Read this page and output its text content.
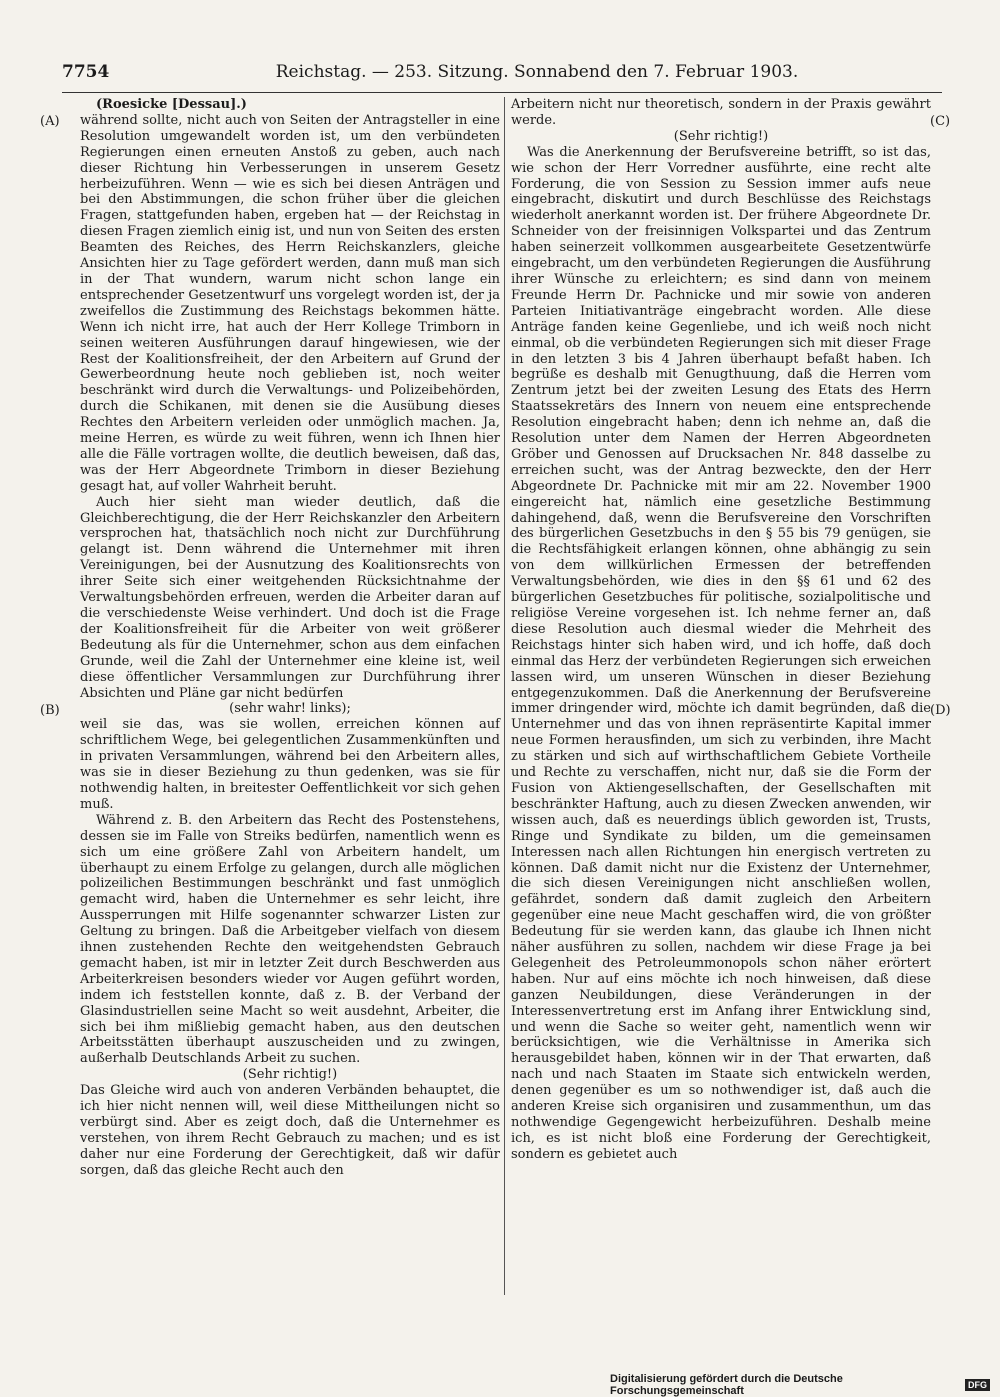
7754	Reichstag. — 253. Sitzung. Sonnabend den 7. Februar 1903.
(A)
(B)
(C)
(D)

(Roesicke [Dessau].)

während sollte, nicht auch von Seiten der Antragsteller in eine Resolution umgewandelt worden ist, um den verbündeten Regierungen einen erneuten Anstoß zu geben, auch nach dieser Richtung hin Verbesserungen in unserem Gesetz herbeizuführen. Wenn — wie es sich bei diesen Anträgen und bei den Abstimmungen, die schon früher über die gleichen Fragen, stattgefunden haben, ergeben hat — der Reichstag in diesen Fragen ziemlich einig ist, und nun von Seiten des ersten Beamten des Reiches, des Herrn Reichskanzlers, gleiche Ansichten hier zu Tage gefördert werden, dann muß man sich in der That wundern, warum nicht schon lange ein entsprechender Gesetzentwurf uns vorgelegt worden ist, der ja zweifellos die Zustimmung des Reichstags bekommen hätte. Wenn ich nicht irre, hat auch der Herr Kollege Trimborn in seinen weiteren Ausführungen darauf hingewiesen, wie der Rest der Koalitionsfreiheit, der den Arbeitern auf Grund der Gewerbeordnung heute noch geblieben ist, noch weiter beschränkt wird durch die Verwaltungs- und Polizeibehörden, durch die Schikanen, mit denen sie die Ausübung dieses Rechtes den Arbeitern verleiden oder unmöglich machen. Ja, meine Herren, es würde zu weit führen, wenn ich Ihnen hier alle die Fälle vortragen wollte, die deutlich beweisen, daß das, was der Herr Abgeordnete Trimborn in dieser Beziehung gesagt hat, auf voller Wahrheit beruht.

Auch hier sieht man wieder deutlich, daß die Gleichberechtigung, die der Herr Reichskanzler den Arbeitern versprochen hat, thatsächlich noch nicht zur Durchführung gelangt ist. Denn während die Unternehmer mit ihren Vereinigungen, bei der Ausnutzung des Koalitionsrechts von ihrer Seite sich einer weitgehenden Rücksichtnahme der Verwaltungsbehörden erfreuen, werden die Arbeiter daran auf die verschiedenste Weise verhindert. Und doch ist die Frage der Koalitionsfreiheit für die Arbeiter von weit größerer Bedeutung als für die Unternehmer, schon aus dem einfachen Grunde, weil die Zahl der Unternehmer eine kleine ist, weil diese öffentlicher Versammlungen zur Durchführung ihrer Absichten und Pläne gar nicht bedürfen

(sehr wahr! links);

weil sie das, was sie wollen, erreichen können auf schriftlichem Wege, bei gelegentlichen Zusammenkünften und in privaten Versammlungen, während bei den Arbeitern alles, was sie in dieser Beziehung zu thun gedenken, was sie für nothwendig halten, in breitester Oeffentlichkeit vor sich gehen muß.

Während z. B. den Arbeitern das Recht des Postenstehens, dessen sie im Falle von Streiks bedürfen, namentlich wenn es sich um eine größere Zahl von Arbeitern handelt, um überhaupt zu einem Erfolge zu gelangen, durch alle möglichen polizeilichen Bestimmungen beschränkt und fast unmöglich gemacht wird, haben die Unternehmer es sehr leicht, ihre Aussperrungen mit Hilfe sogenannter schwarzer Listen zur Geltung zu bringen. Daß die Arbeitgeber vielfach von diesem ihnen zustehenden Rechte den weitgehendsten Gebrauch gemacht haben, ist mir in letzter Zeit durch Beschwerden aus Arbeiterkreisen besonders wieder vor Augen geführt worden, indem ich feststellen konnte, daß z. B. der Verband der Glasindustriellen seine Macht so weit ausdehnt, Arbeiter, die sich bei ihm mißliebig gemacht haben, aus den deutschen Arbeitsstätten überhaupt auszuscheiden und zu zwingen, außerhalb Deutschlands Arbeit zu suchen.

(Sehr richtig!)

Das Gleiche wird auch von anderen Verbänden behauptet, die ich hier nicht nennen will, weil diese Mittheilungen nicht so verbürgt sind. Aber es zeigt doch, daß die Unternehmer es verstehen, von ihrem Recht Gebrauch zu machen; und es ist daher nur eine Forderung der Gerechtigkeit, daß wir dafür sorgen, daß das gleiche Recht auch den

Arbeitern nicht nur theoretisch, sondern in der Praxis gewährt werde.

(Sehr richtig!)

Was die Anerkennung der Berufsvereine betrifft, so ist das, wie schon der Herr Vorredner ausführte, eine recht alte Forderung, die von Session zu Session immer aufs neue eingebracht, diskutirt und durch Beschlüsse des Reichstags wiederholt anerkannt worden ist. Der frühere Abgeordnete Dr. Schneider von der freisinnigen Volkspartei und das Zentrum haben seinerzeit vollkommen ausgearbeitete Gesetzentwürfe eingebracht, um den verbündeten Regierungen die Ausführung ihrer Wünsche zu erleichtern; es sind dann von meinem Freunde Herrn Dr. Pachnicke und mir sowie von anderen Parteien Initiativanträge eingebracht worden. Alle diese Anträge fanden keine Gegenliebe, und ich weiß noch nicht einmal, ob die verbündeten Regierungen sich mit dieser Frage in den letzten 3 bis 4 Jahren überhaupt befaßt haben. Ich begrüße es deshalb mit Genugthuung, daß die Herren vom Zentrum jetzt bei der zweiten Lesung des Etats des Herrn Staatssekretärs des Innern von neuem eine entsprechende Resolution eingebracht haben; denn ich nehme an, daß die Resolution unter dem Namen der Herren Abgeordneten Gröber und Genossen auf Drucksachen Nr. 848 dasselbe zu erreichen sucht, was der Antrag bezweckte, den der Herr Abgeordnete Dr. Pachnicke mit mir am 22. November 1900 eingereicht hat, nämlich eine gesetzliche Bestimmung dahingehend, daß, wenn die Berufsvereine den Vorschriften des bürgerlichen Gesetzbuchs in den § 55 bis 79 genügen, sie die Rechtsfähigkeit erlangen können, ohne abhängig zu sein von dem willkürlichen Ermessen der betreffenden Verwaltungsbehörden, wie dies in den §§ 61 und 62 des bürgerlichen Gesetzbuches für politische, sozialpolitische und religiöse Vereine vorgesehen ist. Ich nehme ferner an, daß diese Resolution auch diesmal wieder die Mehrheit des Reichstags hinter sich haben wird, und ich hoffe, daß doch einmal das Herz der verbündeten Regierungen sich erweichen lassen wird, um unseren Wünschen in dieser Beziehung entgegenzukommen. Daß die Anerkennung der Berufsvereine immer dringender wird, möchte ich damit begründen, daß die Unternehmer und das von ihnen repräsentirte Kapital immer neue Formen herausfinden, um sich zu verbinden, ihre Macht zu stärken und sich auf wirthschaftlichem Gebiete Vortheile und Rechte zu verschaffen, nicht nur, daß sie die Form der Fusion von Aktiengesellschaften, der Gesellschaften mit beschränkter Haftung, auch zu diesen Zwecken anwenden, wir wissen auch, daß es neuerdings üblich geworden ist, Trusts, Ringe und Syndikate zu bilden, um die gemeinsamen Interessen nach allen Richtungen hin energisch vertreten zu können. Daß damit nicht nur die Existenz der Unternehmer, die sich diesen Vereinigungen nicht anschließen wollen, gefährdet, sondern daß damit zugleich den Arbeitern gegenüber eine neue Macht geschaffen wird, die von größter Bedeutung für sie werden kann, das glaube ich Ihnen nicht näher ausführen zu sollen, nachdem wir diese Frage ja bei Gelegenheit des Petroleummonopols schon näher erörtert haben. Nur auf eins möchte ich noch hinweisen, daß diese ganzen Neubildungen, diese Veränderungen in der Interessenvertretung erst im Anfang ihrer Entwicklung sind, und wenn die Sache so weiter geht, namentlich wenn wir berücksichtigen, wie die Verhältnisse in Amerika sich herausgebildet haben, können wir in der That erwarten, daß nach und nach Staaten im Staate sich entwickeln werden, denen gegenüber es um so nothwendiger ist, daß auch die anderen Kreise sich organisiren und zusammenthun, um das nothwendige Gegengewicht herbeizuführen. Deshalb meine ich, es ist nicht bloß eine Forderung der Gerechtigkeit, sondern es gebietet auch

Digitalisierung gefördert durch die Deutsche Forschungsgemeinschaft	DFG
